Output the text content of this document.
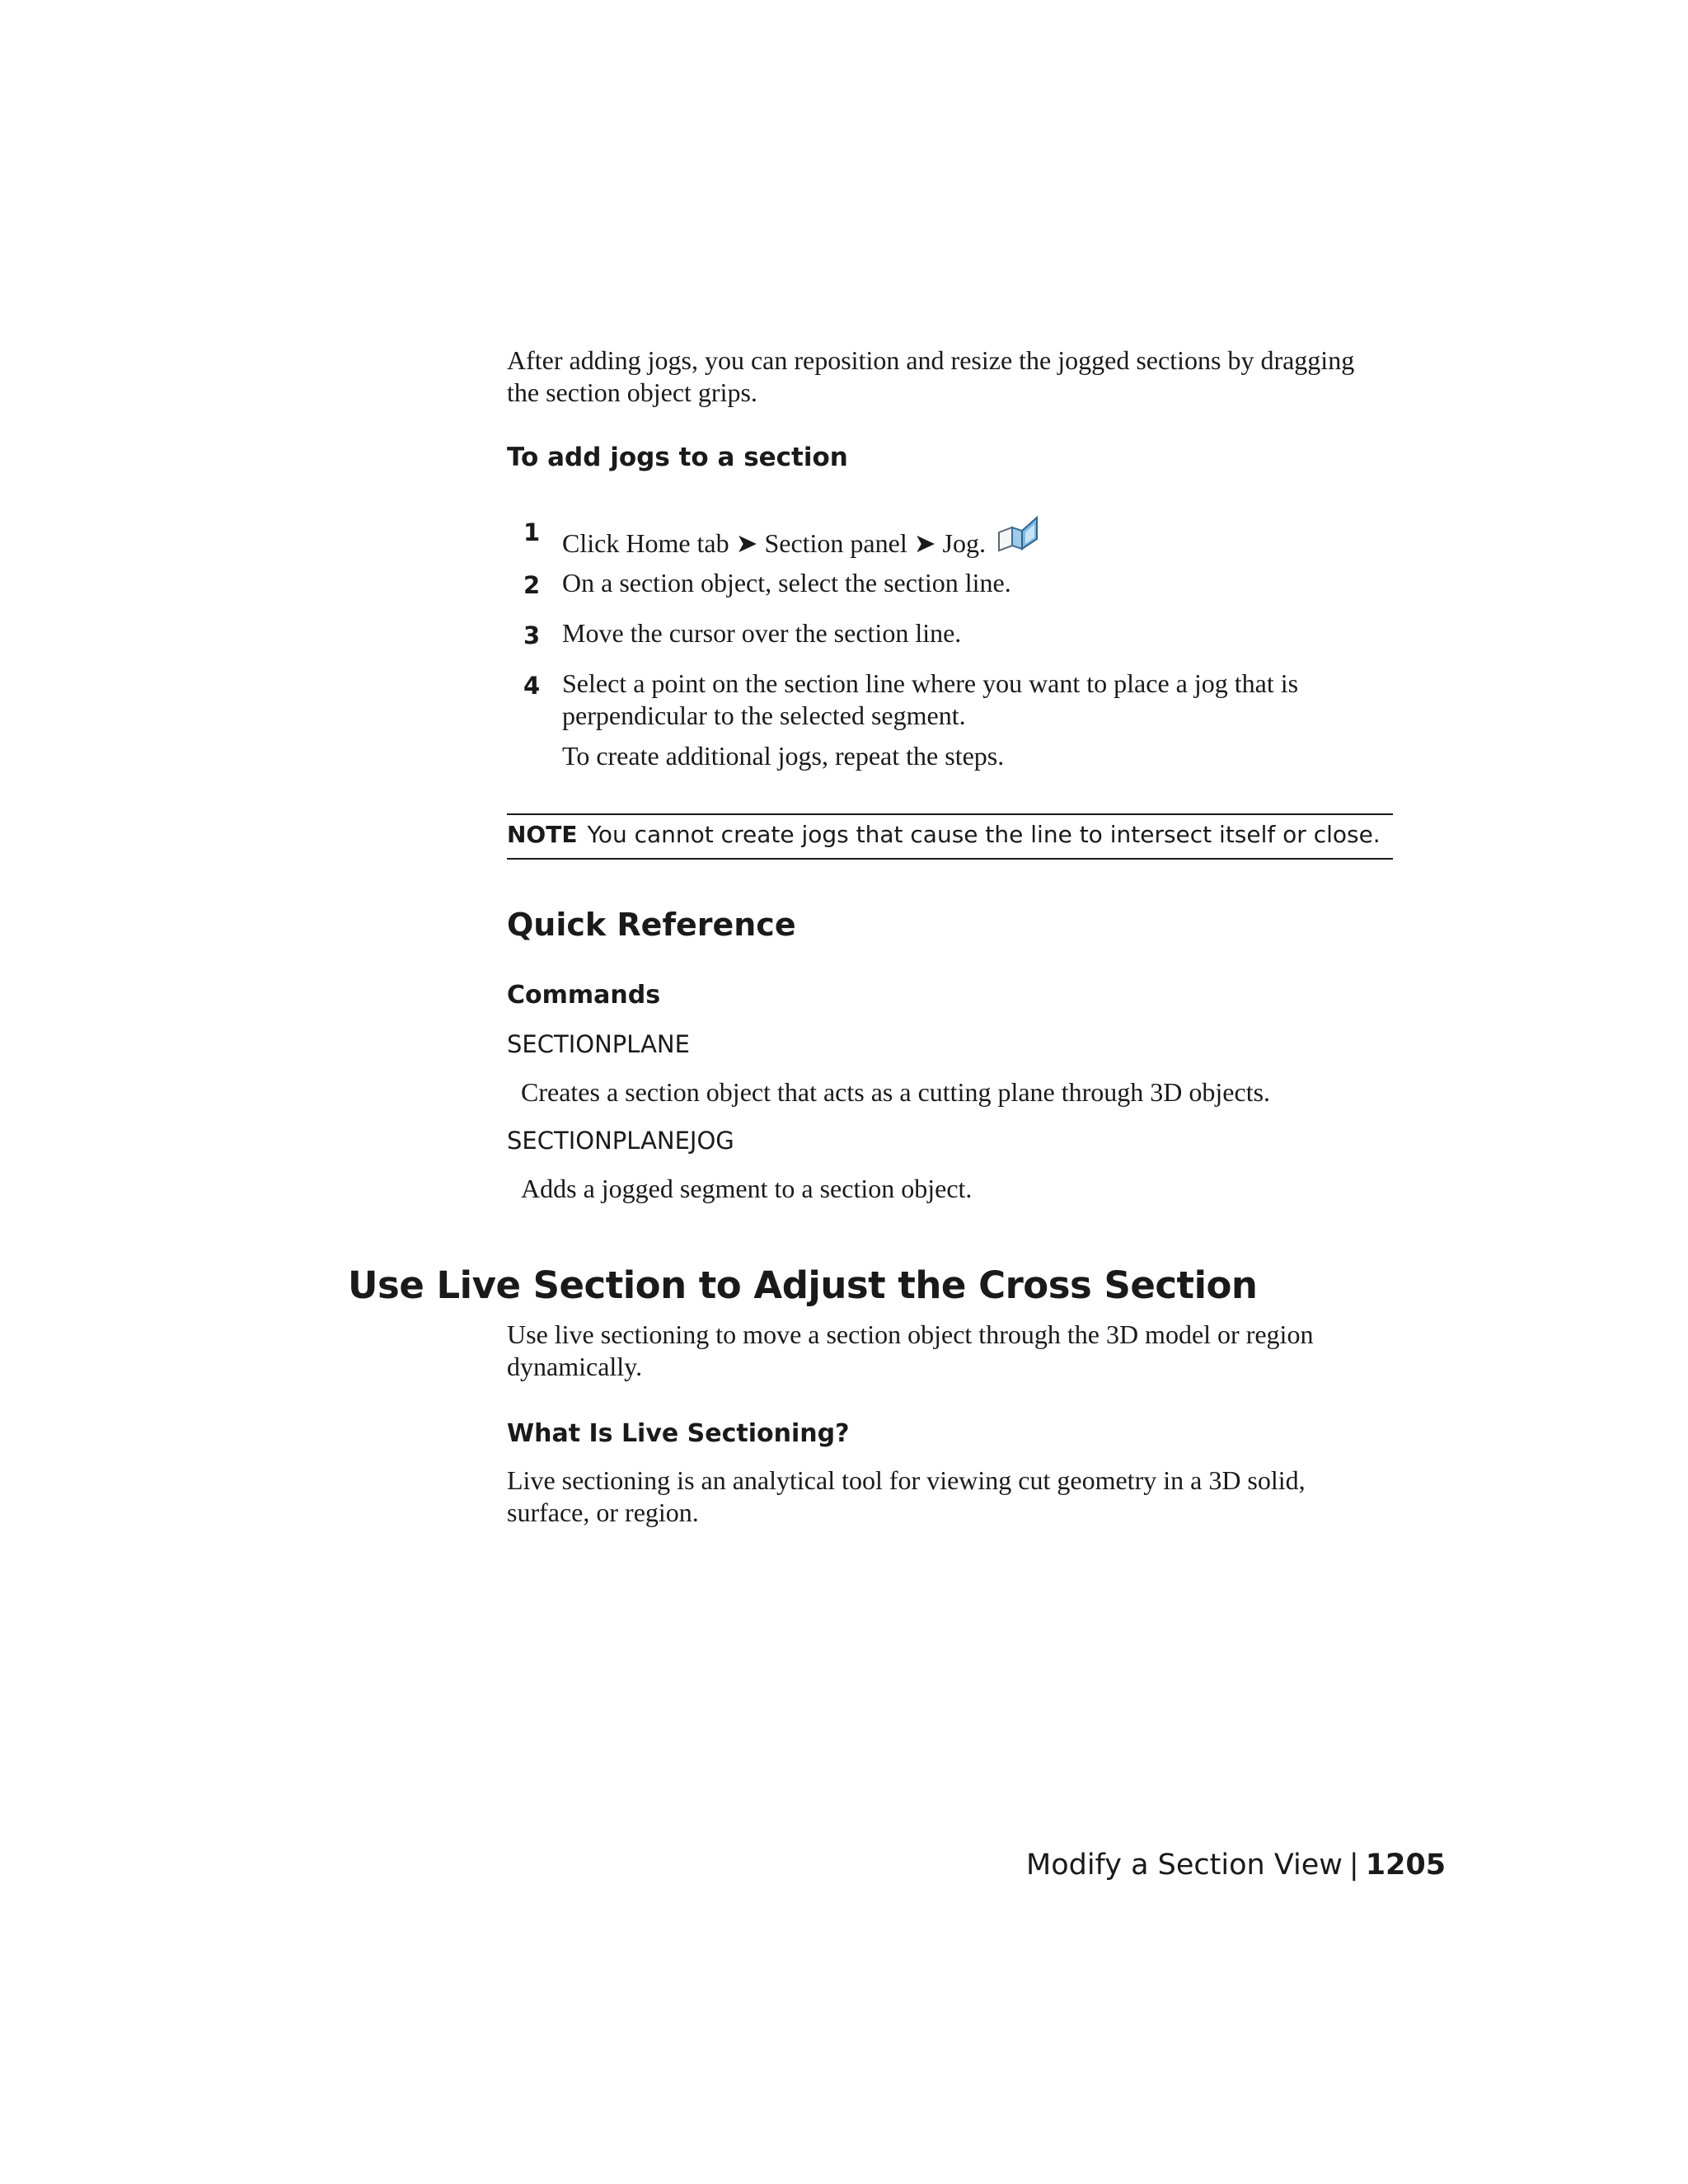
After adding jogs, you can reposition and resize the jogged sections by dragging the section object grips.
To add jogs to a section
1 Click Home tab ➤ Section panel ➤ Jog.
2 On a section object, select the section line.
3 Move the cursor over the section line.
4 Select a point on the section line where you want to place a jog that is perpendicular to the selected segment.
To create additional jogs, repeat the steps.
NOTE You cannot create jogs that cause the line to intersect itself or close.
Quick Reference
Commands
SECTIONPLANE
Creates a section object that acts as a cutting plane through 3D objects.
SECTIONPLANEJOG
Adds a jogged segment to a section object.
Use Live Section to Adjust the Cross Section
Use live sectioning to move a section object through the 3D model or region dynamically.
What Is Live Sectioning?
Live sectioning is an analytical tool for viewing cut geometry in a 3D solid, surface, or region.
Modify a Section View | 1205
